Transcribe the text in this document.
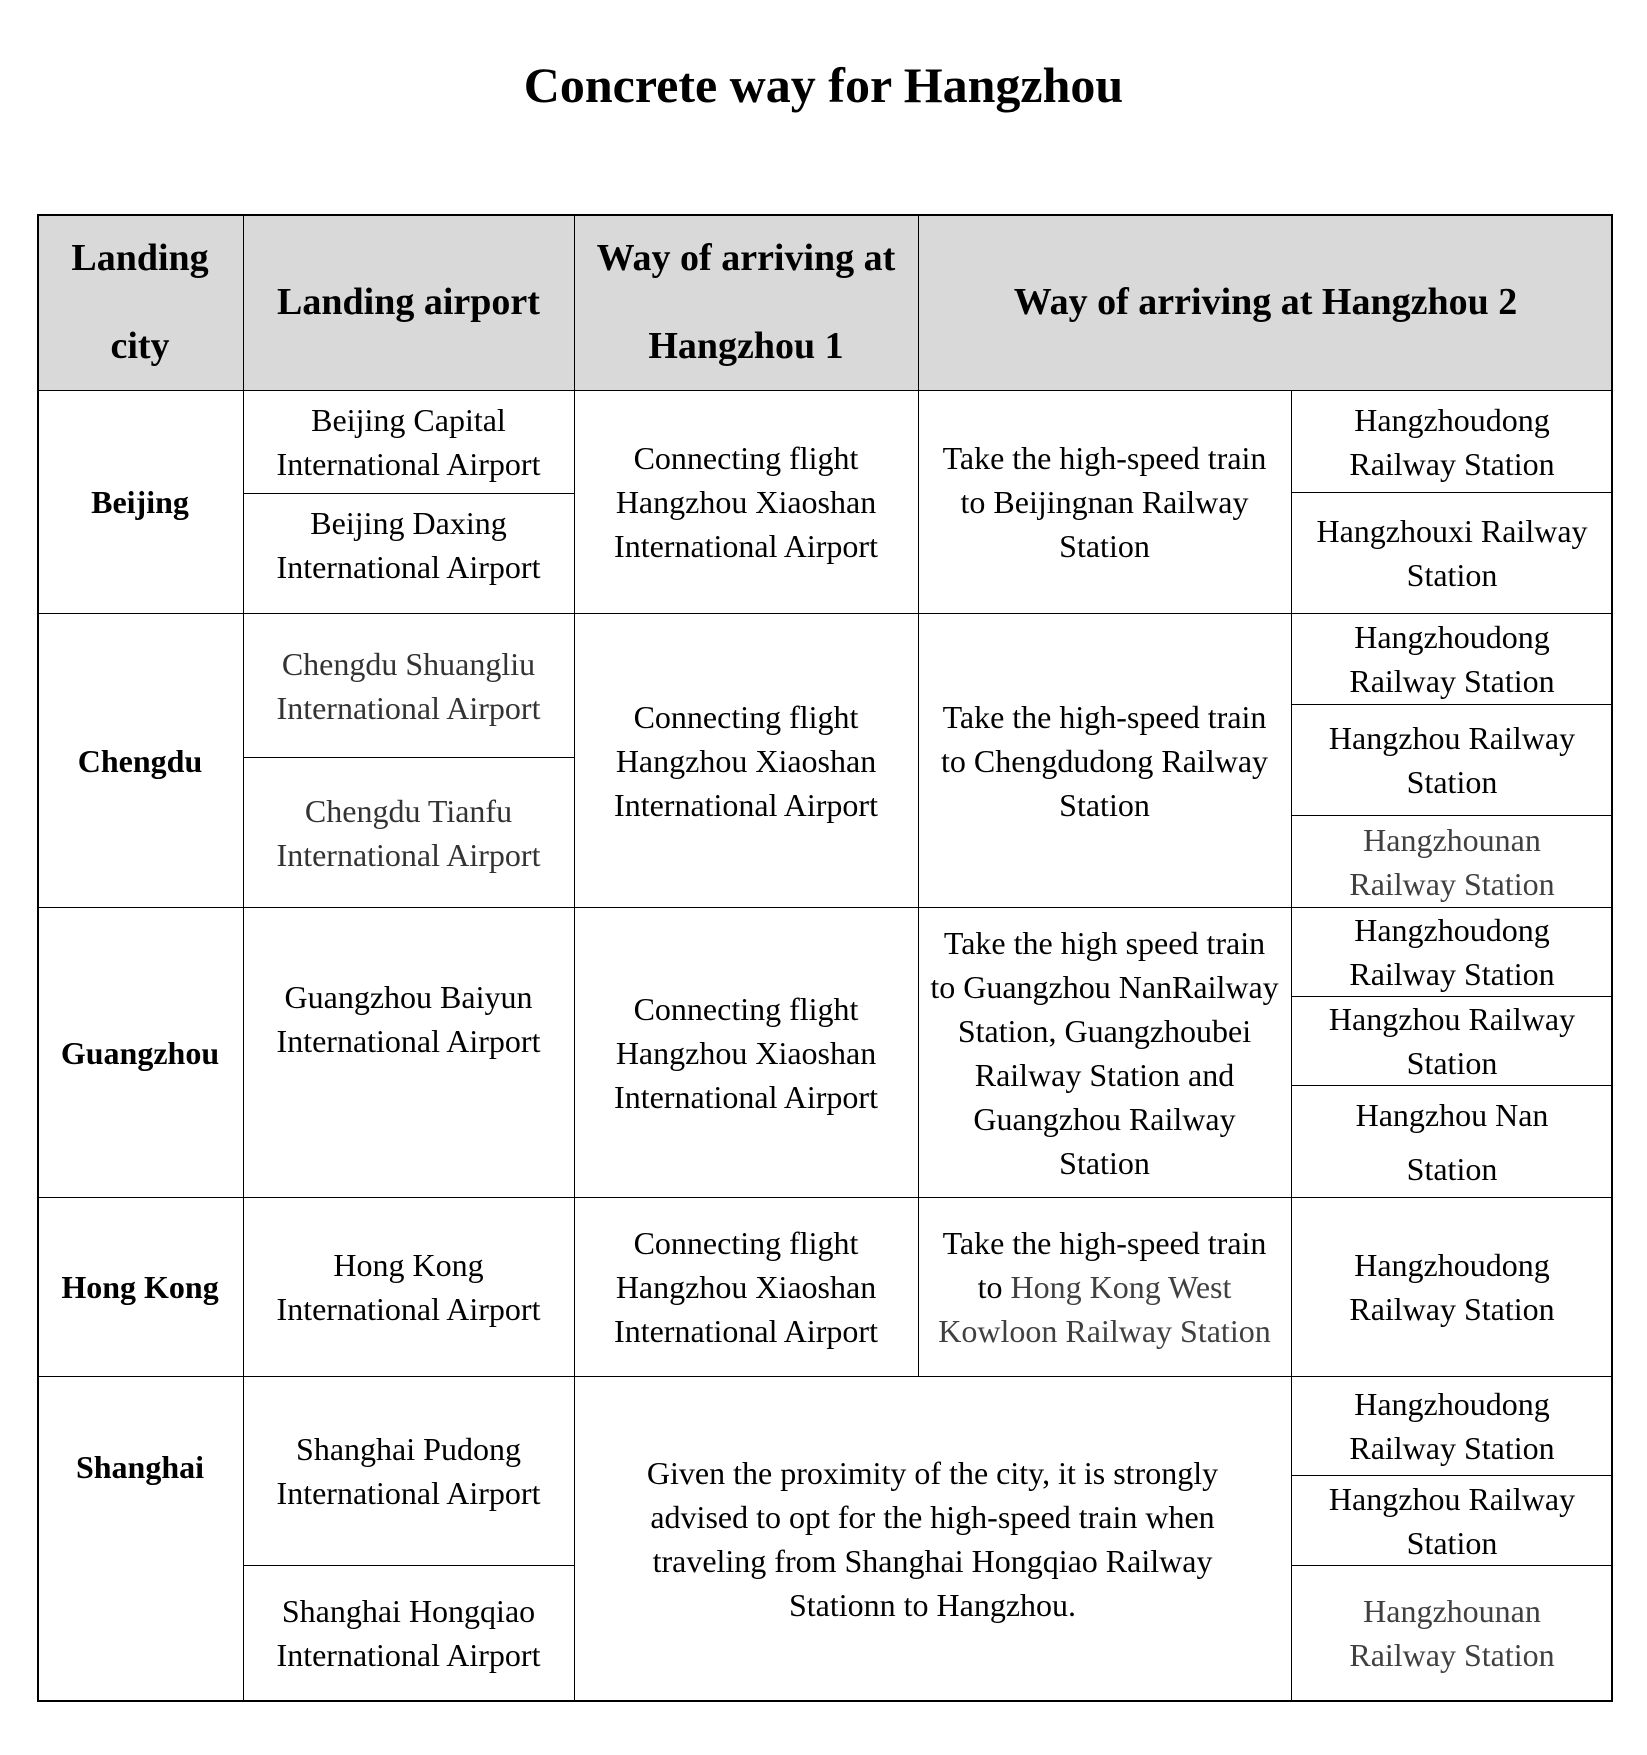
Concrete way for Hangzhou
Landing city
Landing airport
Way of arriving at Hangzhou 1
Way of arriving at Hangzhou 2
Beijing
Beijing Capital International Airport
Beijing Daxing International Airport
Connecting flight Hangzhou Xiaoshan International Airport
Take the high-speed train to Beijingnan Railway Station
Hangzhoudong Railway Station
Hangzhouxi Railway Station
Chengdu
Chengdu Shuangliu International Airport
Chengdu Tianfu International Airport
Connecting flight Hangzhou Xiaoshan International Airport
Take the high-speed train to Chengdudong Railway Station
Hangzhoudong Railway Station
Hangzhou Railway Station
Hangzhounan Railway Station
Guangzhou
Guangzhou Baiyun International Airport
Connecting flight Hangzhou Xiaoshan International Airport
Take the high speed train to Guangzhou NanRailway Station, Guangzhoubei Railway Station and Guangzhou Railway Station
Hangzhoudong Railway Station
Hangzhou Railway Station
Hangzhou Nan Station
Hong Kong
Hong Kong International Airport
Connecting flight Hangzhou Xiaoshan International Airport
Take the high-speed train to Hong Kong West Kowloon Railway Station
Hangzhoudong Railway Station
Shanghai	Shanghai Pudong International Airport
Shanghai Hongqiao International Airport
Given the proximity of the city, it is strongly advised to opt for the high-speed train when traveling from Shanghai Hongqiao Railway Stationn to Hangzhou.
Hangzhoudong Railway Station
Hangzhou Railway Station
Hangzhounan Railway Station
